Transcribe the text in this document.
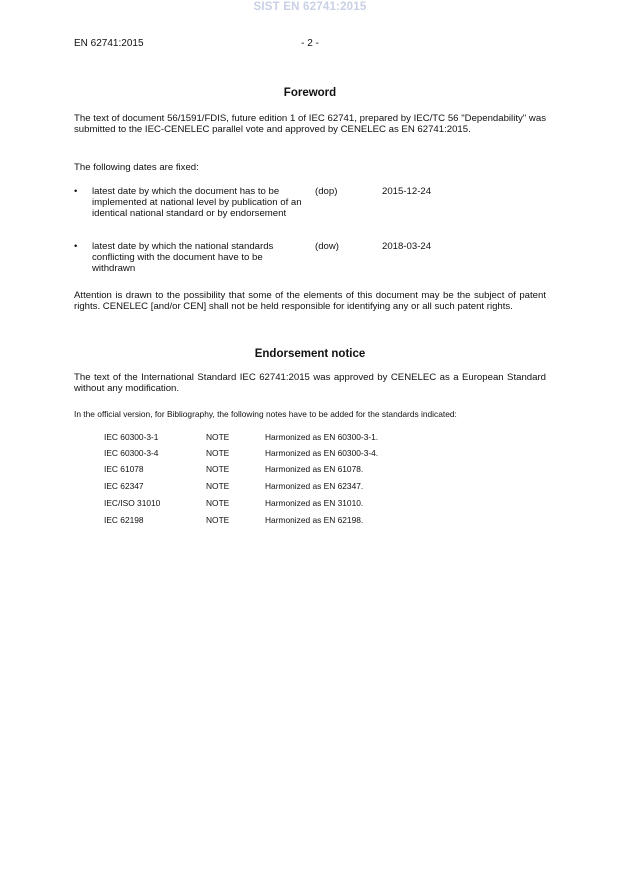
SIST EN 62741:2015
EN 62741:2015	- 2 -
Foreword
The text of document 56/1591/FDIS, future edition 1 of IEC 62741, prepared by IEC/TC 56 "Dependability" was submitted to the IEC-CENELEC parallel vote and approved by CENELEC as EN 62741:2015.
The following dates are fixed:
• latest date by which the document has to be implemented at national level by publication of an identical national standard or by endorsement
(dop)	2015-12-24
• latest date by which the national standards conflicting with the document have to be withdrawn
(dow)	2018-03-24
Attention is drawn to the possibility that some of the elements of this document may be the subject of patent rights. CENELEC [and/or CEN] shall not be held responsible for identifying any or all such patent rights.
Endorsement notice
The text of the International Standard IEC 62741:2015 was approved by CENELEC as a European Standard without any modification.
In the official version, for Bibliography, the following notes have to be added for the standards indicated:
IEC 60300-3-1	NOTE	Harmonized as EN 60300-3-1.
IEC 60300-3-4	NOTE	Harmonized as EN 60300-3-4.
IEC 61078	NOTE	Harmonized as EN 61078.
IEC 62347	NOTE	Harmonized as EN 62347.
IEC/ISO 31010	NOTE	Harmonized as EN 31010.
IEC 62198	NOTE	Harmonized as EN 62198.
